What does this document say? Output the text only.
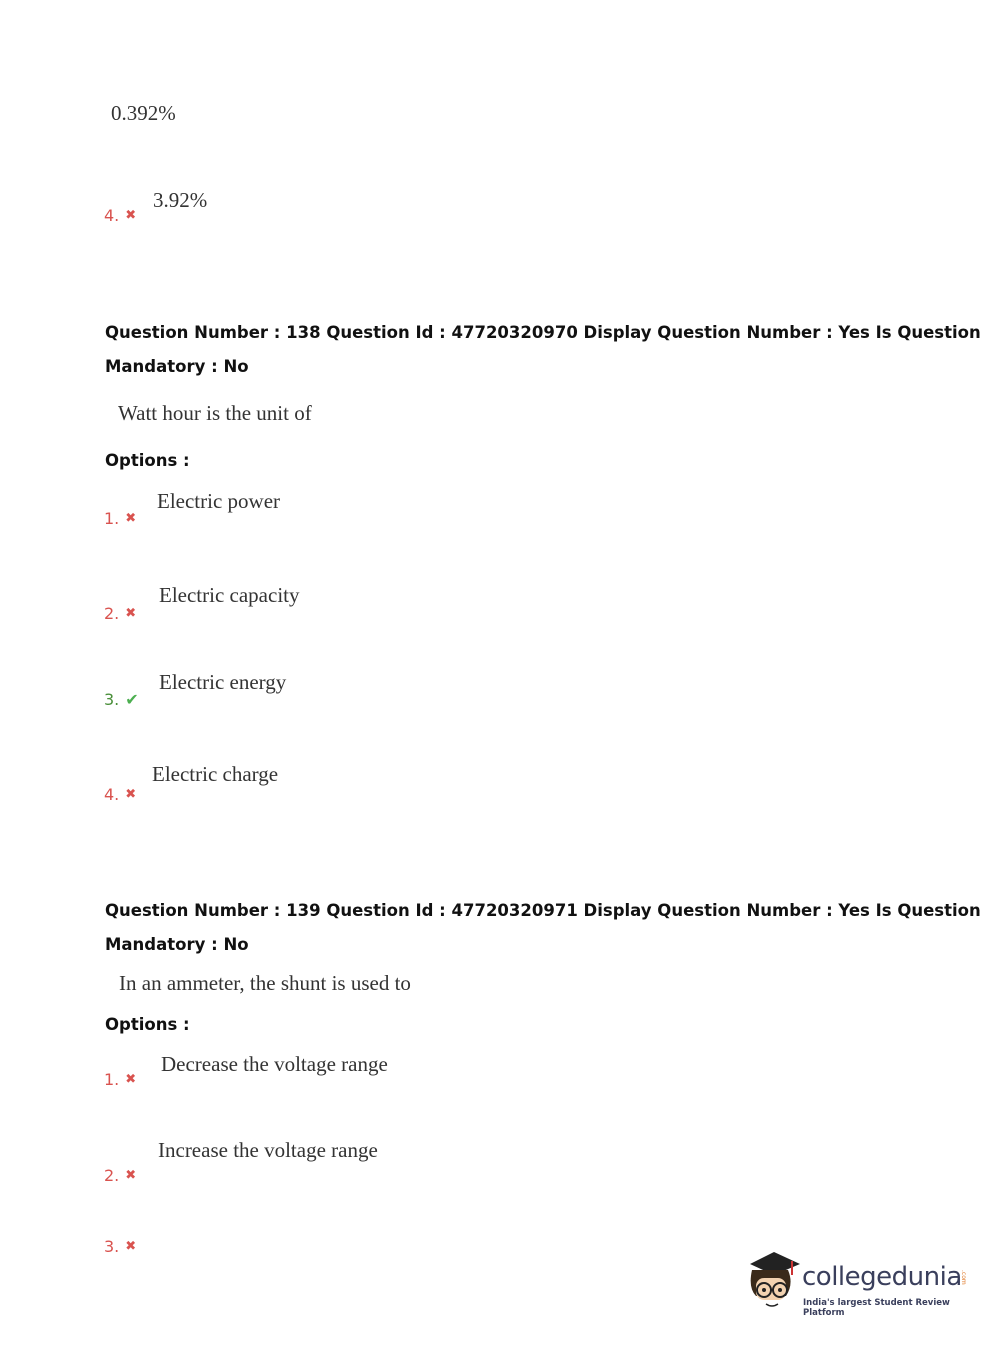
0.392%
4. ✖
3.92%
Question Number : 138 Question Id : 47720320970 Display Question Number : Yes Is Question
Mandatory : No
Watt hour is the unit of
Options :
1. ✖
Electric power
2. ✖
Electric capacity
3. ✔
Electric energy
4. ✖
Electric charge
Question Number : 139 Question Id : 47720320971 Display Question Number : Yes Is Question
Mandatory : No
In an ammeter, the shunt is used to
Options :
1. ✖
Decrease the voltage range
2. ✖
Increase the voltage range
3. ✖
collegedunia
.com
India's largest Student Review Platform
